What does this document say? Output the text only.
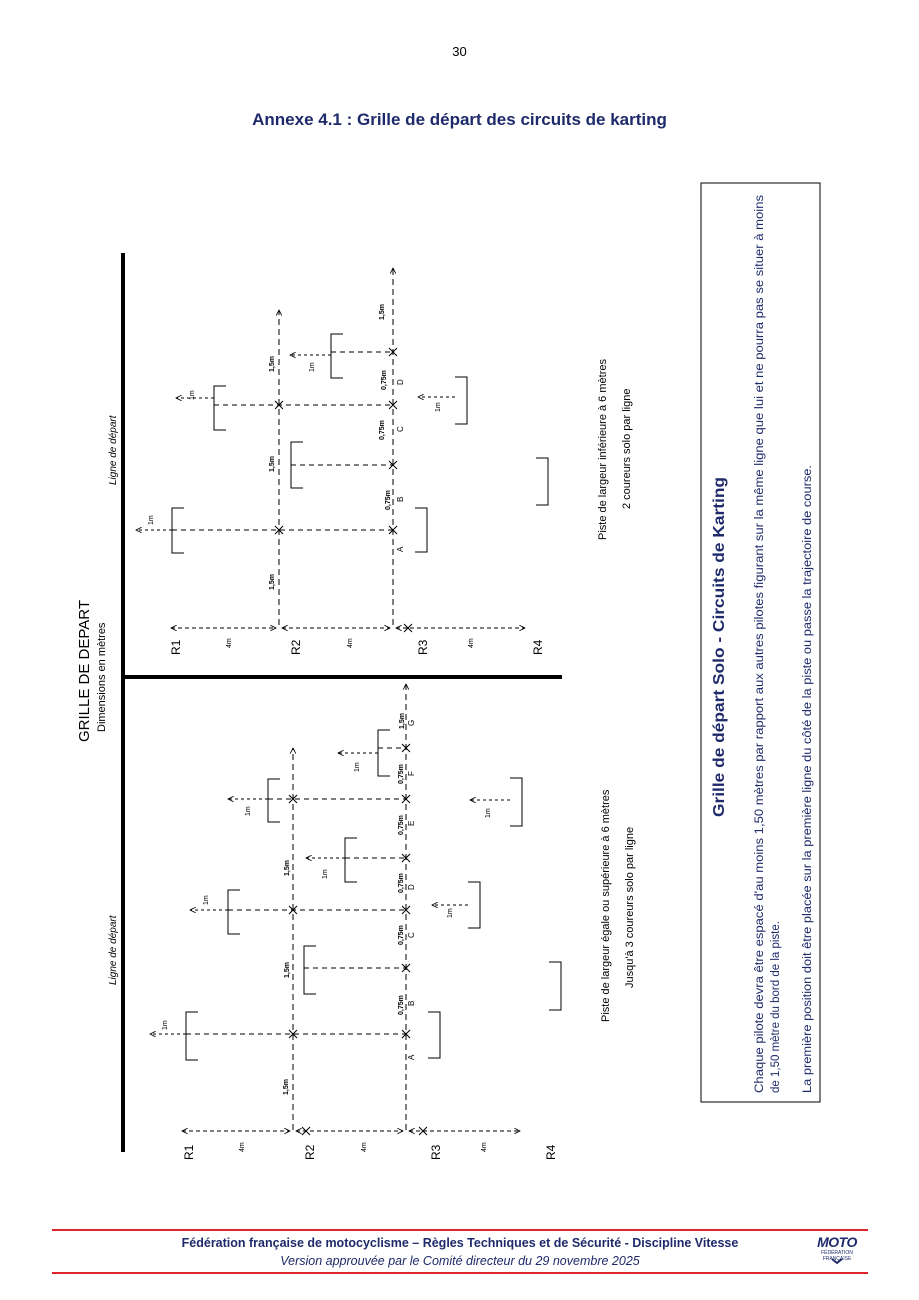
30
Annexe 4.1 : Grille de départ des circuits de karting
GRILLE DE DEPART Dimensions en mètres
Ligne de départ
Ligne de départ
R1	R2	R3	R4
4m	4m	4m
1,5m
1,5m
1,5m
1,5m
0,75m
0,75m
0,75m
0,75m
0,75m
1m
1m
1m
1m
1m
1m
1m
A
B
C
D
E
F
G
Piste de largeur égale ou supérieure à 6 mètres Jusqu'à 3 coureurs solo par ligne
R1	R2	R3	R4
4m	4m	4m
1,5m
1,5m
1,5m
1,5m
0,75m
0,75m
0,75m
1m
1m
1m
1m
A
B
C
D	Piste de largeur inférieure à 6 mètres 2 coureurs solo par ligne
Grille de départ Solo - Circuits de Karting Chaque pilote devra être espacé d'au moins 1,50 mètres par rapport aux autres pilotes figurant sur la même ligne que lui et ne pourra pas se situer à moins de 1,50 mètre du bord de la piste. La première position doit être placée sur la première ligne du côté de la piste ou passe la trajectoire de course.
Fédération française de motocyclisme – Règles Techniques et de Sécurité - Discipline Vitesse
Version approuvée par le Comité directeur du 29 novembre 2025
MOTO
FÉDÉRATION FRANÇAISE
